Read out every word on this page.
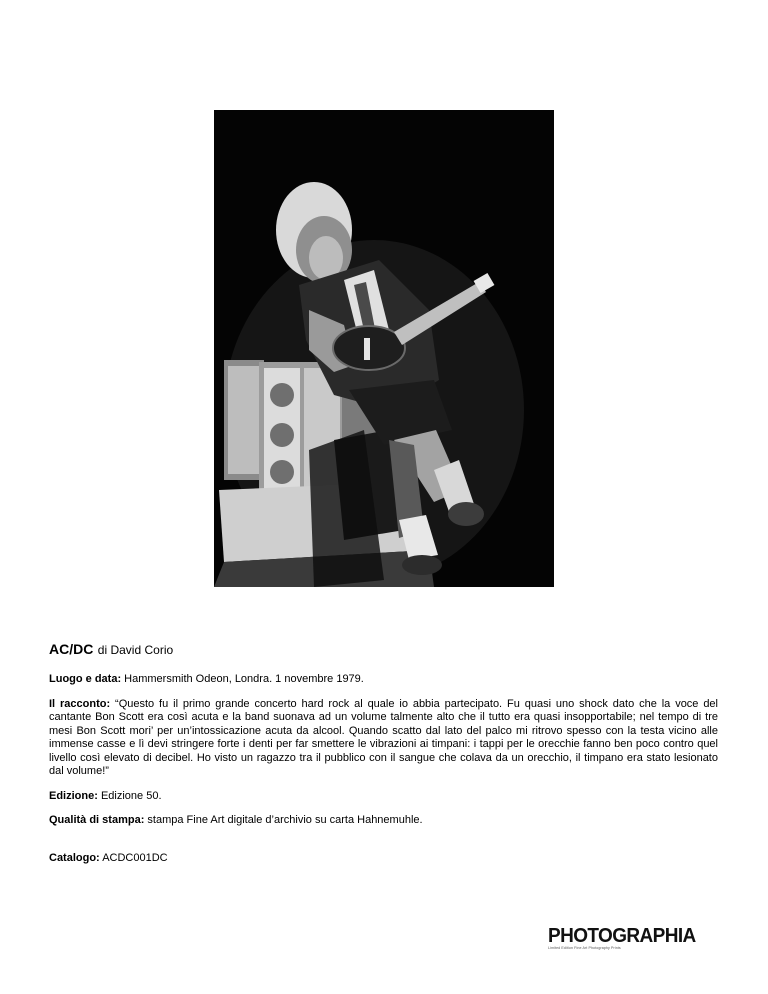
AC/DC di David Corio

Luogo e data: Hammersmith Odeon, Londra. 1 novembre 1979.

Il racconto: “Questo fu il primo grande concerto hard rock al quale io abbia partecipato. Fu quasi uno shock dato che la voce del cantante Bon Scott era così acuta e la band suonava ad un volume talmente alto che il tutto era quasi insopportabile; nel tempo di tre mesi Bon Scott mori’ per un’intossicazione acuta da alcool. Quando scatto dal lato del palco mi ritrovo spesso con la testa vicino alle immense casse e lì devi stringere forte i denti per far smettere le vibrazioni ai timpani: i tappi per le orecchie fanno ben poco contro quel livello così elevato di decibel. Ho visto un ragazzo tra il pubblico con il sangue che colava da un orecchio, il timpano era stato lesionato dal volume!”

Edizione: Edizione 50.

Qualità di stampa: stampa Fine Art digitale d’archivio su carta Hahnemuhle.

Catalogo: ACDC001DC

PHOTOGRAPHIA
Limited Edition Fine Art Photography Prints
